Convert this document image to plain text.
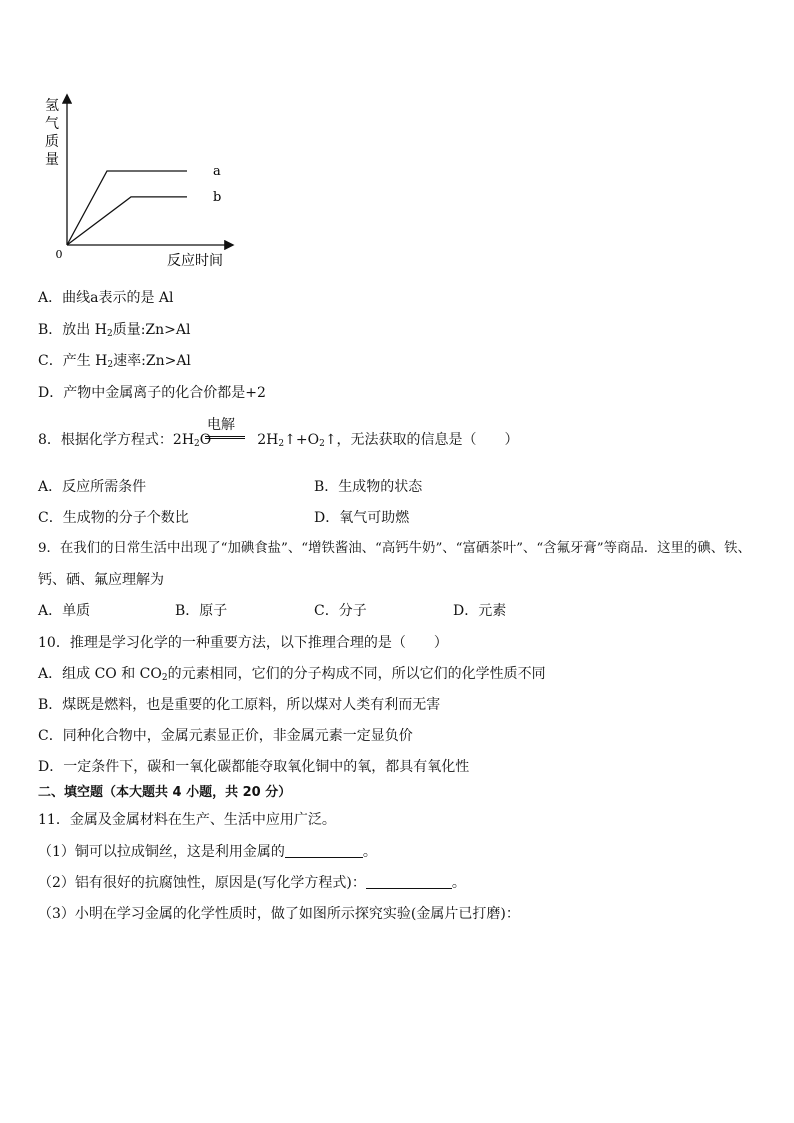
氢
气
质
量
0	反应时间
a
b
A．曲线a表示的是 Al
B．放出 $H_2$质量:Zn>Al
C．产生 $H_2$速率:Zn>Al
D．产物中金属离子的化合价都是+2
电解
8．根据化学方程式：$2H_2O$	$2H_2↑+O_2↑$，无法获取的信息是（　　）
A．反应所需条件	B．生成物的状态
C．生成物的分子个数比	D．氧气可助燃
9．在我们的日常生活中出现了“加碘食盐”、“增铁酱油、“高钙牛奶”、“富硒茶叶”、“含氟牙膏”等商品．这里的碘、铁、
钙、硒、氟应理解为
A．单质	B．原子	C．分子	D．元素
10．推理是学习化学的一种重要方法，以下推理合理的是（　　）
A．组成 CO 和 $CO_2$的元素相同，它们的分子构成不同，所以它们的化学性质不同
B．煤既是燃料，也是重要的化工原料，所以煤对人类有利而无害
C．同种化合物中，金属元素显正价，非金属元素一定显负价
D．一定条件下，碳和一氧化碳都能夺取氧化铜中的氧，都具有氧化性
二、填空题（本大题共 4 小题，共 20 分）
11．金属及金属材料在生产、生活中应用广泛。
（1）铜可以拉成铜丝，这是利用金属的	。
（2）铝有很好的抗腐蚀性，原因是(写化学方程式)：	。
（3）小明在学习金属的化学性质时，做了如图所示探究实验(金属片已打磨)：
